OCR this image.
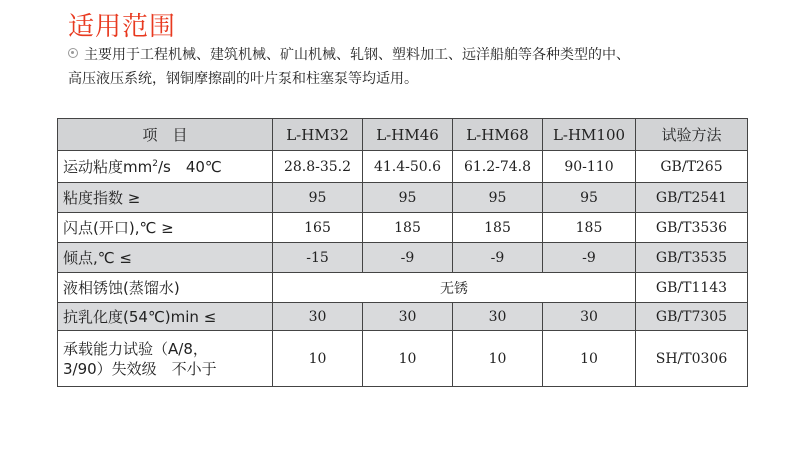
适用范围
主要用于工程机械、建筑机械、矿山机械、轧钢、塑料加工、远洋船舶等各种类型的中、
高压液压系统，钢铜摩擦副的叶片泵和柱塞泵等均适用。
项　目	L-HM32	L-HM46	L-HM68	L-HM100	试验方法
运动粘度$mm^2/s$　40℃	28.8-35.2	41.4-50.6	61.2-74.8	90-110	GB/T265
粘度指数 ≥	95	95	95	95	GB/T2541
闪点(开口),℃ ≥	165	185	185	185	GB/T3536
倾点,℃ ≤	-15	-9	-9	-9	GB/T3535
液相锈蚀(蒸馏水)	无锈				GB/T1143
抗乳化度(54℃)min ≤	30	30	30	30	GB/T7305

承载能力试验（A/8，
3/90）失效级　不小于	10	10	10	10	SH/T0306
